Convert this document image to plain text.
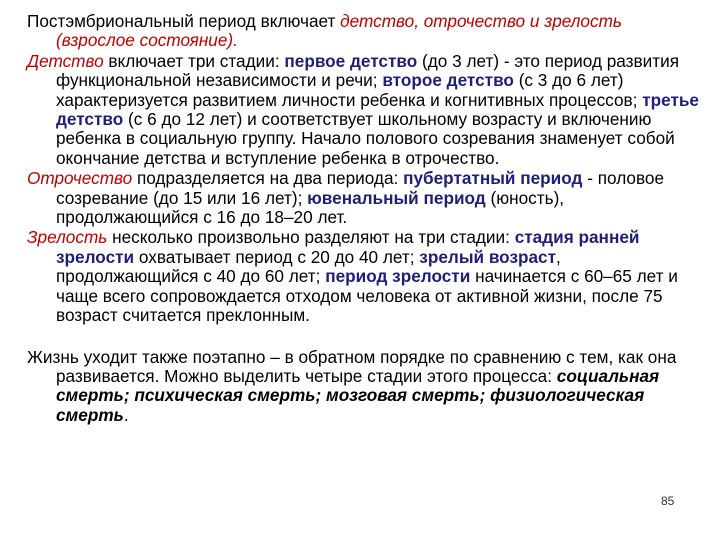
Постэмбриональный период включает детство, отрочество и зрелость (взрослое состояние).

Детство включает три стадии: первое детство (до 3 лет) - это период развития функциональной независимости и речи; второе детство (с 3 до 6 лет) характеризуется развитием личности ребенка и когнитивных процессов; третье детство (с 6 до 12 лет) и соответствует школьному возрасту и включению ребенка в социальную группу. Начало полового созревания знаменует собой окончание детства и вступление ребенка в отрочество.

Отрочество подразделяется на два периода: пубертатный период - половое созревание (до 15 или 16 лет); ювенальный период (юность), продолжающийся с 16 до 18–20 лет.

Зрелость несколько произвольно разделяют на три стадии: стадия ранней зрелости охватывает период с 20 до 40 лет; зрелый возраст, продолжающийся с 40 до 60 лет; период зрелости начинается с 60–65 лет и чаще всего сопровождается отходом человека от активной жизни, после 75 возраст считается преклонным.

Жизнь уходит также поэтапно – в обратном порядке по сравнению с тем, как она развивается. Можно выделить четыре стадии этого процесса: социальная смерть; психическая смерть; мозговая смерть; физиологическая смерть.

85
